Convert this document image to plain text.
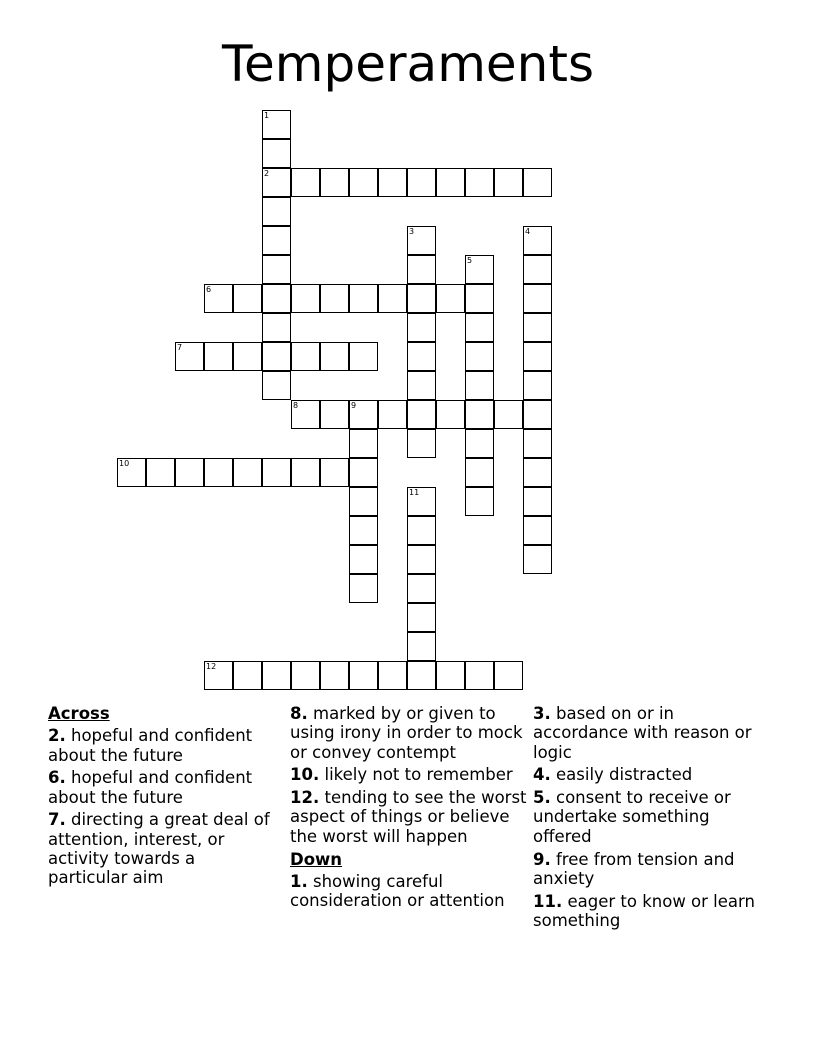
Temperaments
1
2
3	4
5
6
7
8	9
10
11
12
Across
2. hopeful and confident about the future
6. hopeful and confident about the future
7. directing a great deal of attention, interest, or activity towards a particular aim
8. marked by or given to using irony in order to mock or convey contempt
10. likely not to remember
12. tending to see the worst aspect of things or believe the worst will happen
Down
1. showing careful consideration or attention
3. based on or in accordance with reason or logic
4. easily distracted
5. consent to receive or undertake something offered
9. free from tension and anxiety
11. eager to know or learn something
